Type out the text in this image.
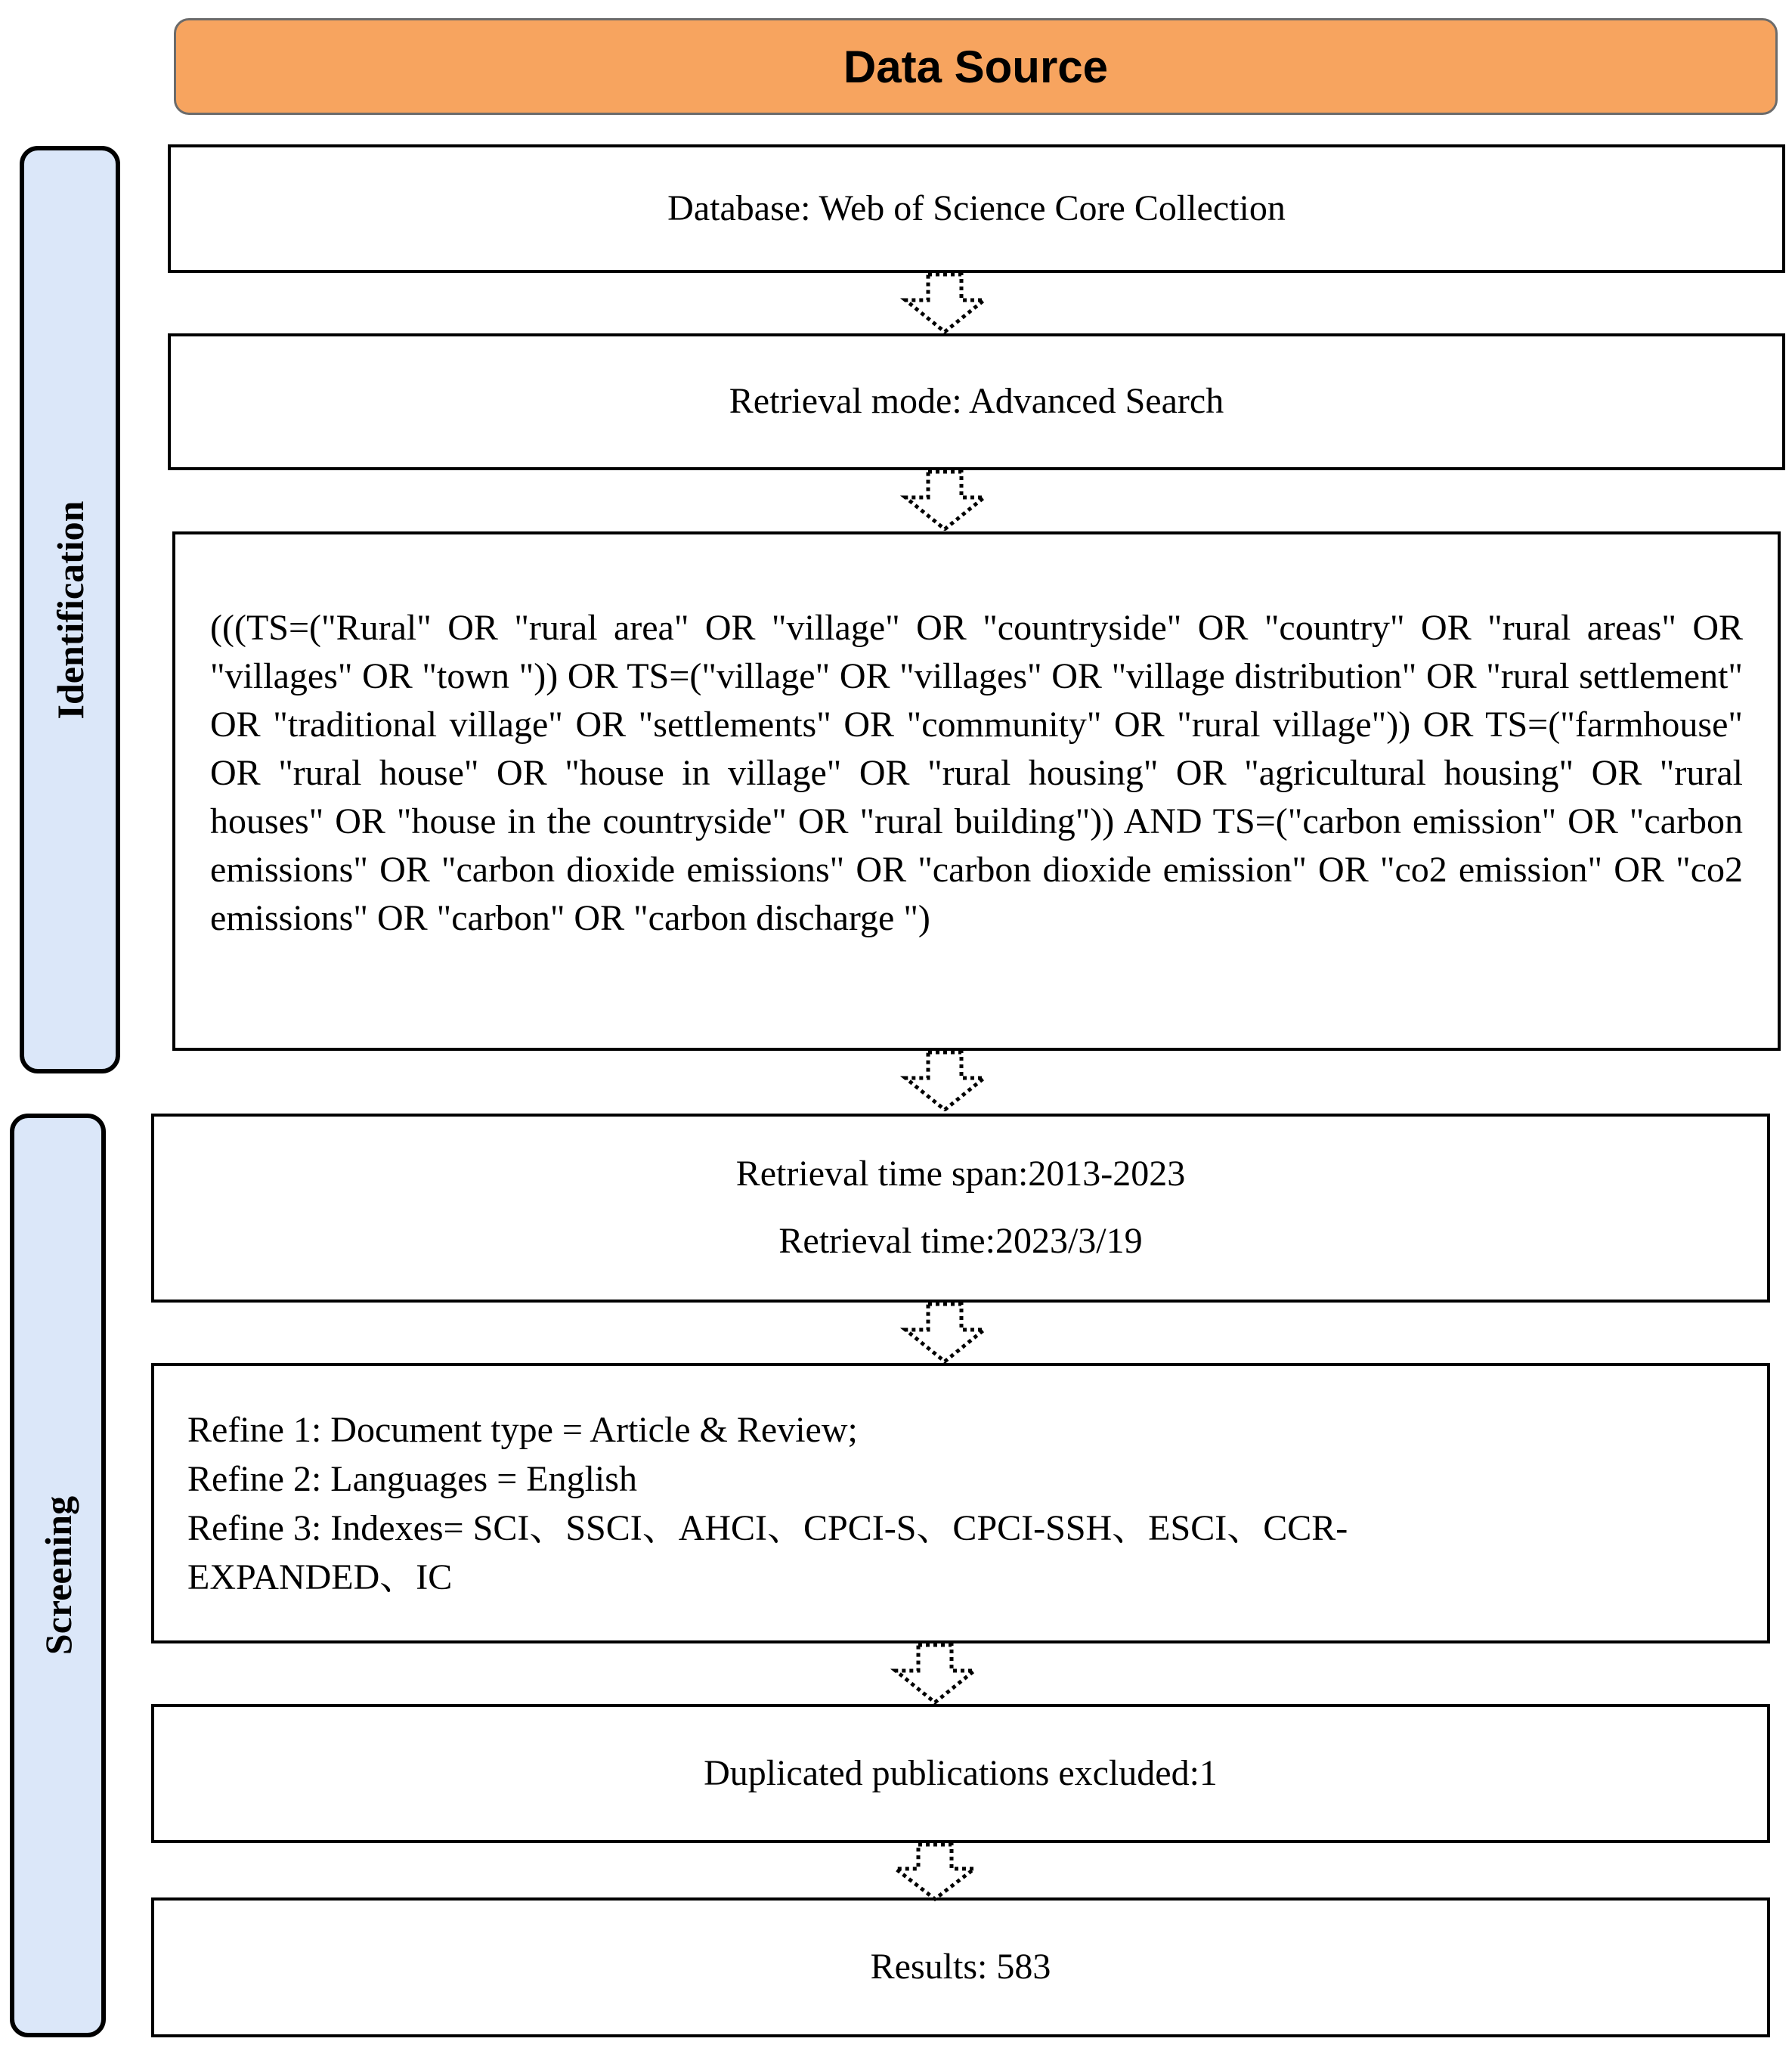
Data Source
Identification
Screening
Database: Web of Science Core Collection
Retrieval mode: Advanced Search

(((TS=("Rural" OR "rural area" OR "village" OR "countryside" OR "country" OR "rural areas" OR "villages" OR "town ")) OR TS=("village" OR "villages" OR "village distribution" OR "rural settlement" OR "traditional village" OR "settlements" OR "community" OR "rural village")) OR TS=("farmhouse" OR "rural house" OR "house in village" OR "rural housing" OR "agricultural housing" OR "rural houses" OR "house in the countryside" OR "rural building")) AND TS=("carbon emission" OR "carbon emissions" OR "carbon dioxide emissions" OR "carbon dioxide emission" OR "co2 emission" OR "co2 emissions" OR "carbon" OR "carbon discharge ")

Retrieval time span:2013-2023
Retrieval time:2023/3/19
Refine 1: Document type = Article & Review;
Refine 2: Languages = English
Refine 3: Indexes= SCI、SSCI、AHCI、CPCI-S、CPCI-SSH、ESCI、CCR-
EXPANDED、IC
Duplicated publications excluded:1
Results: 583
